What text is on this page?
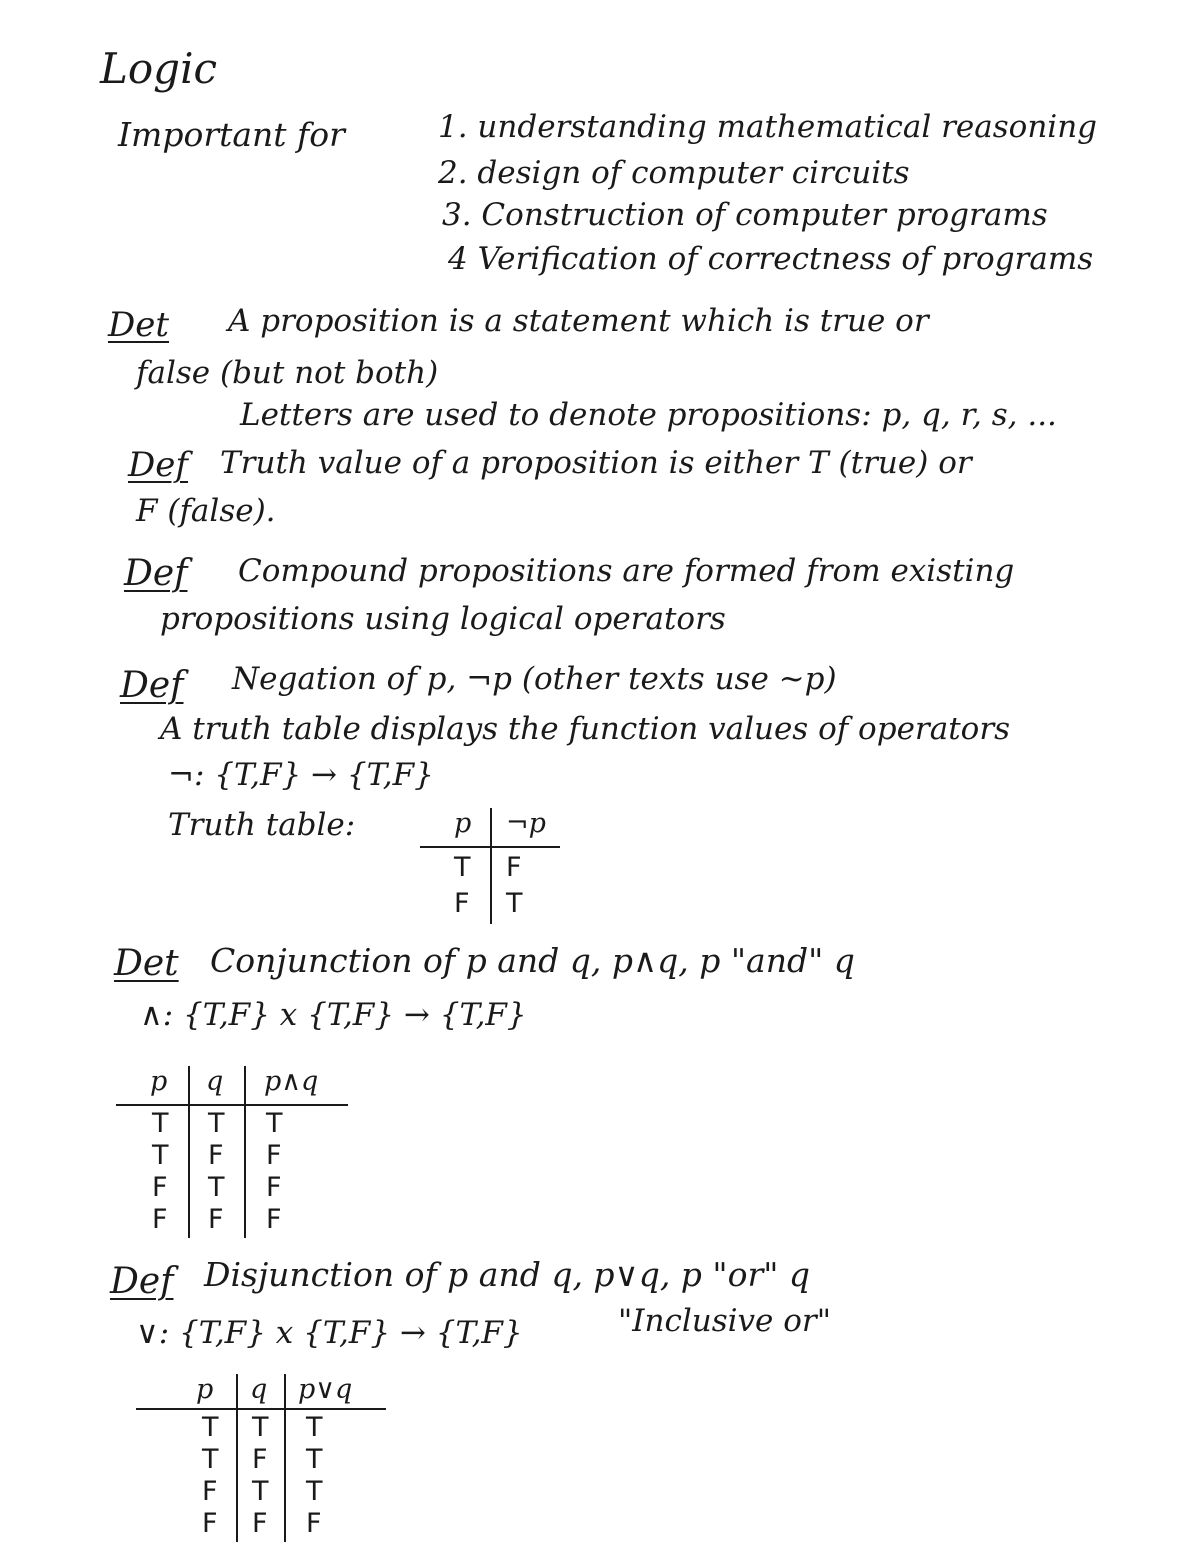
Logic
Important for	1. understanding mathematical reasoning
2. design of computer circuits
3. Construction of computer programs
4 Verification of correctness of programs
Det A proposition is a statement which is true or
false (but not both)
Letters are used to denote propositions: p, q, r, s, ...
Def Truth value of a proposition is either T (true) or
F (false).
Def Compound propositions are formed from existing
propositions using logical operators
Def Negation of p, ¬p (other texts use ~p)
A truth table displays the function values of operators
¬: {T,F} → {T,F}
Truth table:	p ¬p
T F
F T
Det Conjunction of p and q, p∧q, p "and" q
∧: {T,F} x {T,F} → {T,F}
p q p∧q
T T T
T F F
F T F
F F F
Def Disjunction of p and q, p∨q, p "or" q
∨: {T,F} x {T,F} → {T,F}	"Inclusive or"
p q p∨q
T T T
T F T
F T T
F F F
